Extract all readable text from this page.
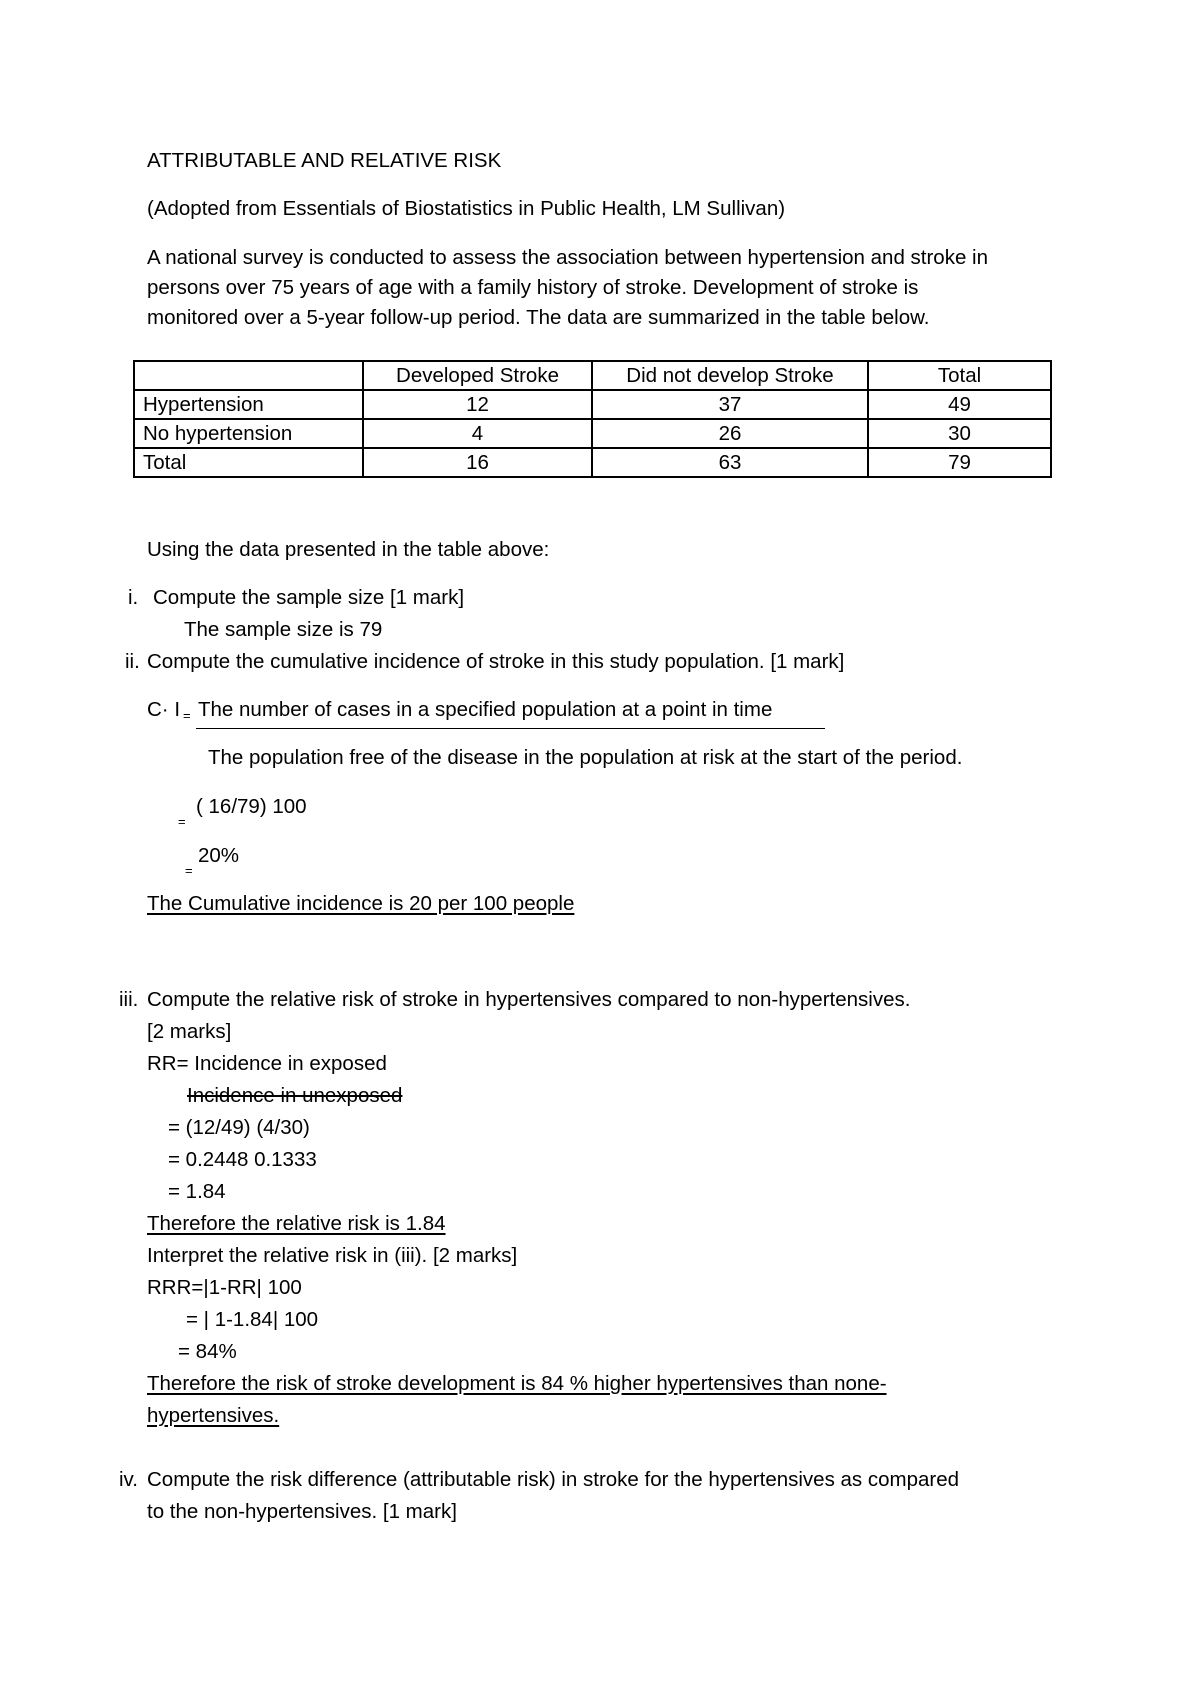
ATTRIBUTABLE AND RELATIVE RISK
(Adopted from Essentials of Biostatistics in Public Health, LM Sullivan)
A national survey is conducted to assess the association between hypertension and stroke in
persons over 75 years of age with a family history of stroke. Development of stroke is
monitored over a 5-year follow-up period. The data are summarized in the table below.
	Developed Stroke	Did not develop Stroke	Total
Hypertension	12	37	49
No hypertension	4	26	30
Total	16	63	79
Using the data presented in the table above:
i. Compute the sample size [1 mark]
The sample size is 79
ii. Compute the cumulative incidence of stroke in this study population. [1 mark]
C· I = The number of cases in a specified population at a point in time
The population free of the disease in the population at risk at the start of the period.
=
( 16/79) 100
=
20%
The Cumulative incidence is 20 per 100 people
iii. Compute the relative risk of stroke in hypertensives compared to non-hypertensives.
[2 marks]
RR= Incidence in exposed
Incidence in unexposed
= (12/49) (4/30)
= 0.2448 0.1333
= 1.84
Therefore the relative risk is 1.84
Interpret the relative risk in (iii). [2 marks]
RRR=|1-RR| 100
= | 1-1.84| 100
= 84%
Therefore the risk of stroke development is 84 % higher hypertensives than none-
hypertensives.
iv. Compute the risk difference (attributable risk) in stroke for the hypertensives as compared
to the non-hypertensives. [1 mark]
